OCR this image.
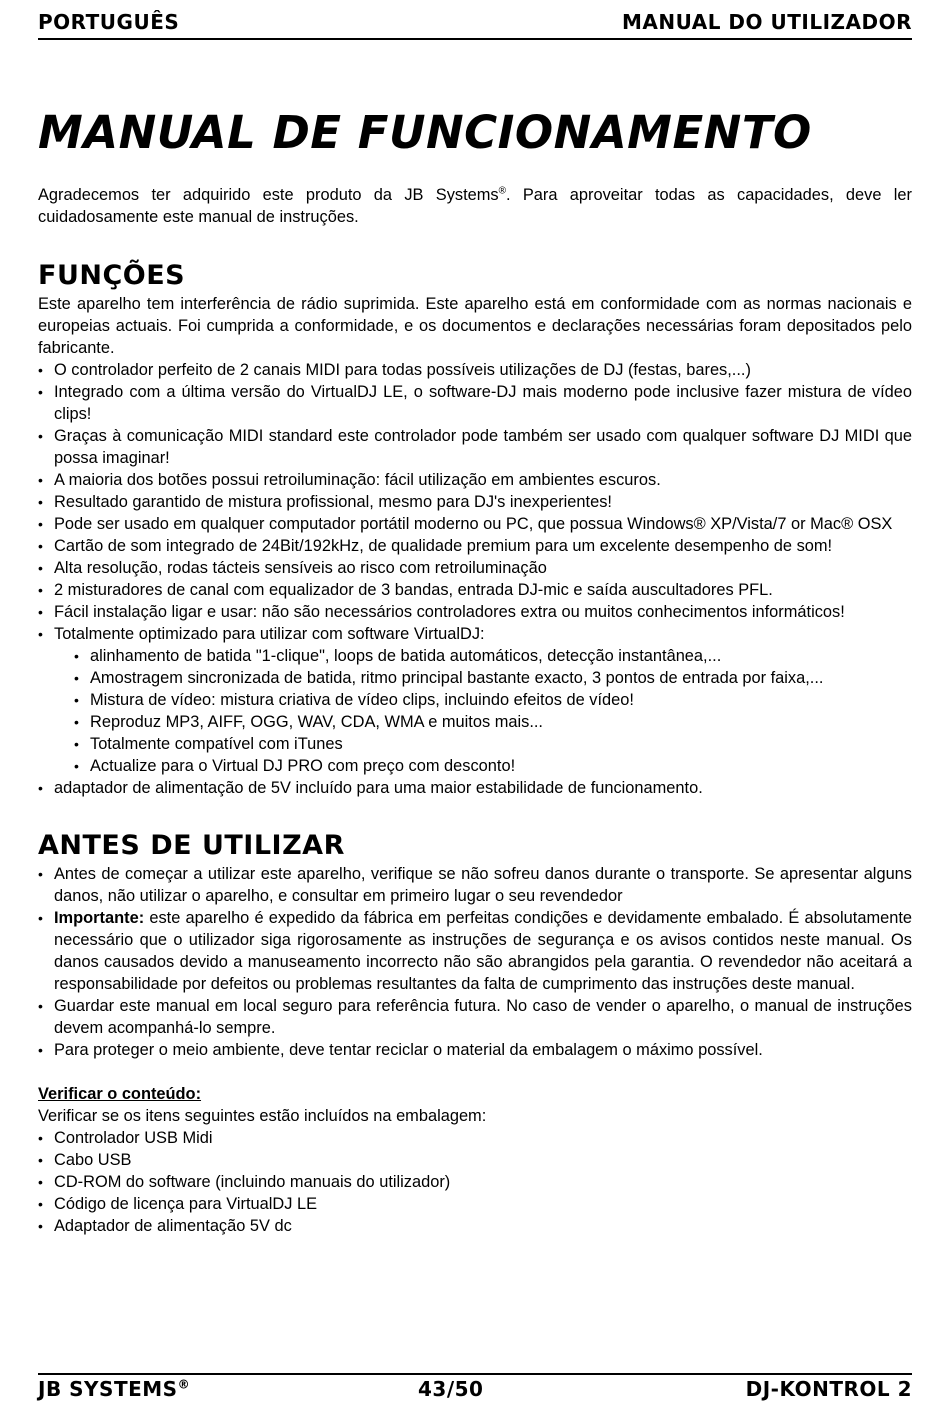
PORTUGUÊS	MANUAL DO UTILIZADOR
MANUAL DE FUNCIONAMENTO

Agradecemos ter adquirido este produto da JB Systems®. Para aproveitar todas as capacidades, deve ler cuidadosamente este manual de instruções.

FUNÇÕES

Este aparelho tem interferência de rádio suprimida. Este aparelho está em conformidade com as normas nacionais e europeias actuais. Foi cumprida a conformidade, e os documentos e declarações necessárias foram depositados pelo fabricante.

• O controlador perfeito de 2 canais MIDI para todas possíveis utilizações de DJ (festas, bares,...)
• Integrado com a última versão do VirtualDJ LE, o software-DJ mais moderno pode inclusive fazer mistura de vídeo clips!
• Graças à comunicação MIDI standard este controlador pode também ser usado com qualquer software DJ MIDI que possa imaginar!
• A maioria dos botões possui retroiluminação: fácil utilização em ambientes escuros.
• Resultado garantido de mistura profissional, mesmo para DJ's inexperientes!
• Pode ser usado em qualquer computador portátil moderno ou PC, que possua Windows® XP/Vista/7 or Mac® OSX
• Cartão de som integrado de 24Bit/192kHz, de qualidade premium para um excelente desempenho de som!
• Alta resolução, rodas tácteis sensíveis ao risco com retroiluminação
• 2 misturadores de canal com equalizador de 3 bandas, entrada DJ-mic e saída auscultadores PFL.
• Fácil instalação ligar e usar: não são necessários controladores extra ou muitos conhecimentos informáticos!
• Totalmente optimizado para utilizar com software VirtualDJ:
• alinhamento de batida "1-clique", loops de batida automáticos, detecção instantânea,...
• Amostragem sincronizada de batida, ritmo principal bastante exacto, 3 pontos de entrada por faixa,...
• Mistura de vídeo: mistura criativa de vídeo clips, incluindo efeitos de vídeo!
• Reproduz MP3, AIFF, OGG, WAV, CDA, WMA e muitos mais...
• Totalmente compatível com iTunes
• Actualize para o Virtual DJ PRO com preço com desconto!
• adaptador de alimentação de 5V incluído para uma maior estabilidade de funcionamento.
ANTES DE UTILIZAR
• Antes de começar a utilizar este aparelho, verifique se não sofreu danos durante o transporte. Se apresentar alguns danos, não utilizar o aparelho, e consultar em primeiro lugar o seu revendedor
• Importante: este aparelho é expedido da fábrica em perfeitas condições e devidamente embalado. É absolutamente necessário que o utilizador siga rigorosamente as instruções de segurança e os avisos contidos neste manual. Os danos causados devido a manuseamento incorrecto não são abrangidos pela garantia. O revendedor não aceitará a responsabilidade por defeitos ou problemas resultantes da falta de cumprimento das instruções deste manual.
• Guardar este manual em local seguro para referência futura. No caso de vender o aparelho, o manual de instruções devem acompanhá-lo sempre.
• Para proteger o meio ambiente, deve tentar reciclar o material da embalagem o máximo possível.
Verificar o conteúdo:

Verificar se os itens seguintes estão incluídos na embalagem:

• Controlador USB Midi
• Cabo USB
• CD-ROM do software (incluindo manuais do utilizador)
• Código de licença para VirtualDJ LE
• Adaptador de alimentação 5V dc
JB SYSTEMS®	43/50	DJ-KONTROL 2
